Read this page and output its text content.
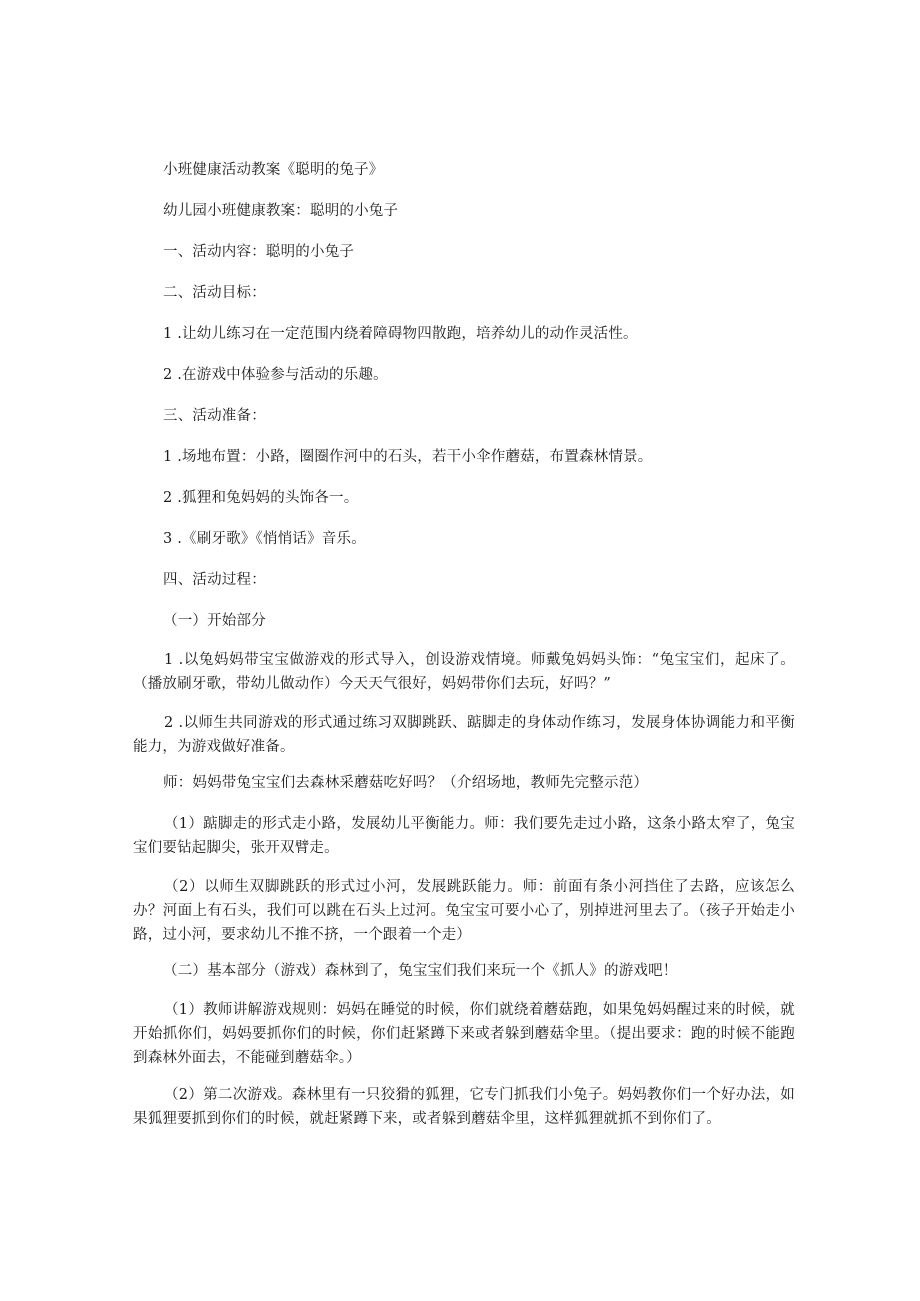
小班健康活动教案《聪明的兔子》
幼儿园小班健康教案：聪明的小兔子
一、活动内容：聪明的小兔子
二、活动目标：
1 .让幼儿练习在一定范围内绕着障碍物四散跑，培养幼儿的动作灵活性。
2 .在游戏中体验参与活动的乐趣。
三、活动准备：
1 .场地布置：小路，圈圈作河中的石头，若干小伞作蘑菇，布置森林情景。
2 .狐狸和兔妈妈的头饰各一。
3 .《刷牙歌》《悄悄话》音乐。
四、活动过程：
（一）开始部分
1 .以兔妈妈带宝宝做游戏的形式导入，创设游戏情境。师戴兔妈妈头饰：“兔宝宝们，起床了。（播放刷牙歌，带幼儿做动作）今天天气很好，妈妈带你们去玩，好吗？”
2 .以师生共同游戏的形式通过练习双脚跳跃、踮脚走的身体动作练习，发展身体协调能力和平衡能力，为游戏做好准备。
师：妈妈带兔宝宝们去森林采蘑菇吃好吗？（介绍场地，教师先完整示范）
（1）踮脚走的形式走小路，发展幼儿平衡能力。师：我们要先走过小路，这条小路太窄了，兔宝宝们要钻起脚尖，张开双臂走。
（2）以师生双脚跳跃的形式过小河，发展跳跃能力。师：前面有条小河挡住了去路，应该怎么办？河面上有石头，我们可以跳在石头上过河。兔宝宝可要小心了，别掉进河里去了。（孩子开始走小路，过小河，要求幼儿不推不挤，一个跟着一个走）
（二）基本部分（游戏）森林到了，兔宝宝们我们来玩一个《抓人》的游戏吧！
（1）教师讲解游戏规则：妈妈在睡觉的时候，你们就绕着蘑菇跑，如果兔妈妈醒过来的时候，就开始抓你们，妈妈要抓你们的时候，你们赶紧蹲下来或者躲到蘑菇伞里。（提出要求：跑的时候不能跑到森林外面去，不能碰到蘑菇伞。）
（2）第二次游戏。森林里有一只狡猾的狐狸，它专门抓我们小兔子。妈妈教你们一个好办法，如果狐狸要抓到你们的时候，就赶紧蹲下来，或者躲到蘑菇伞里，这样狐狸就抓不到你们了。
